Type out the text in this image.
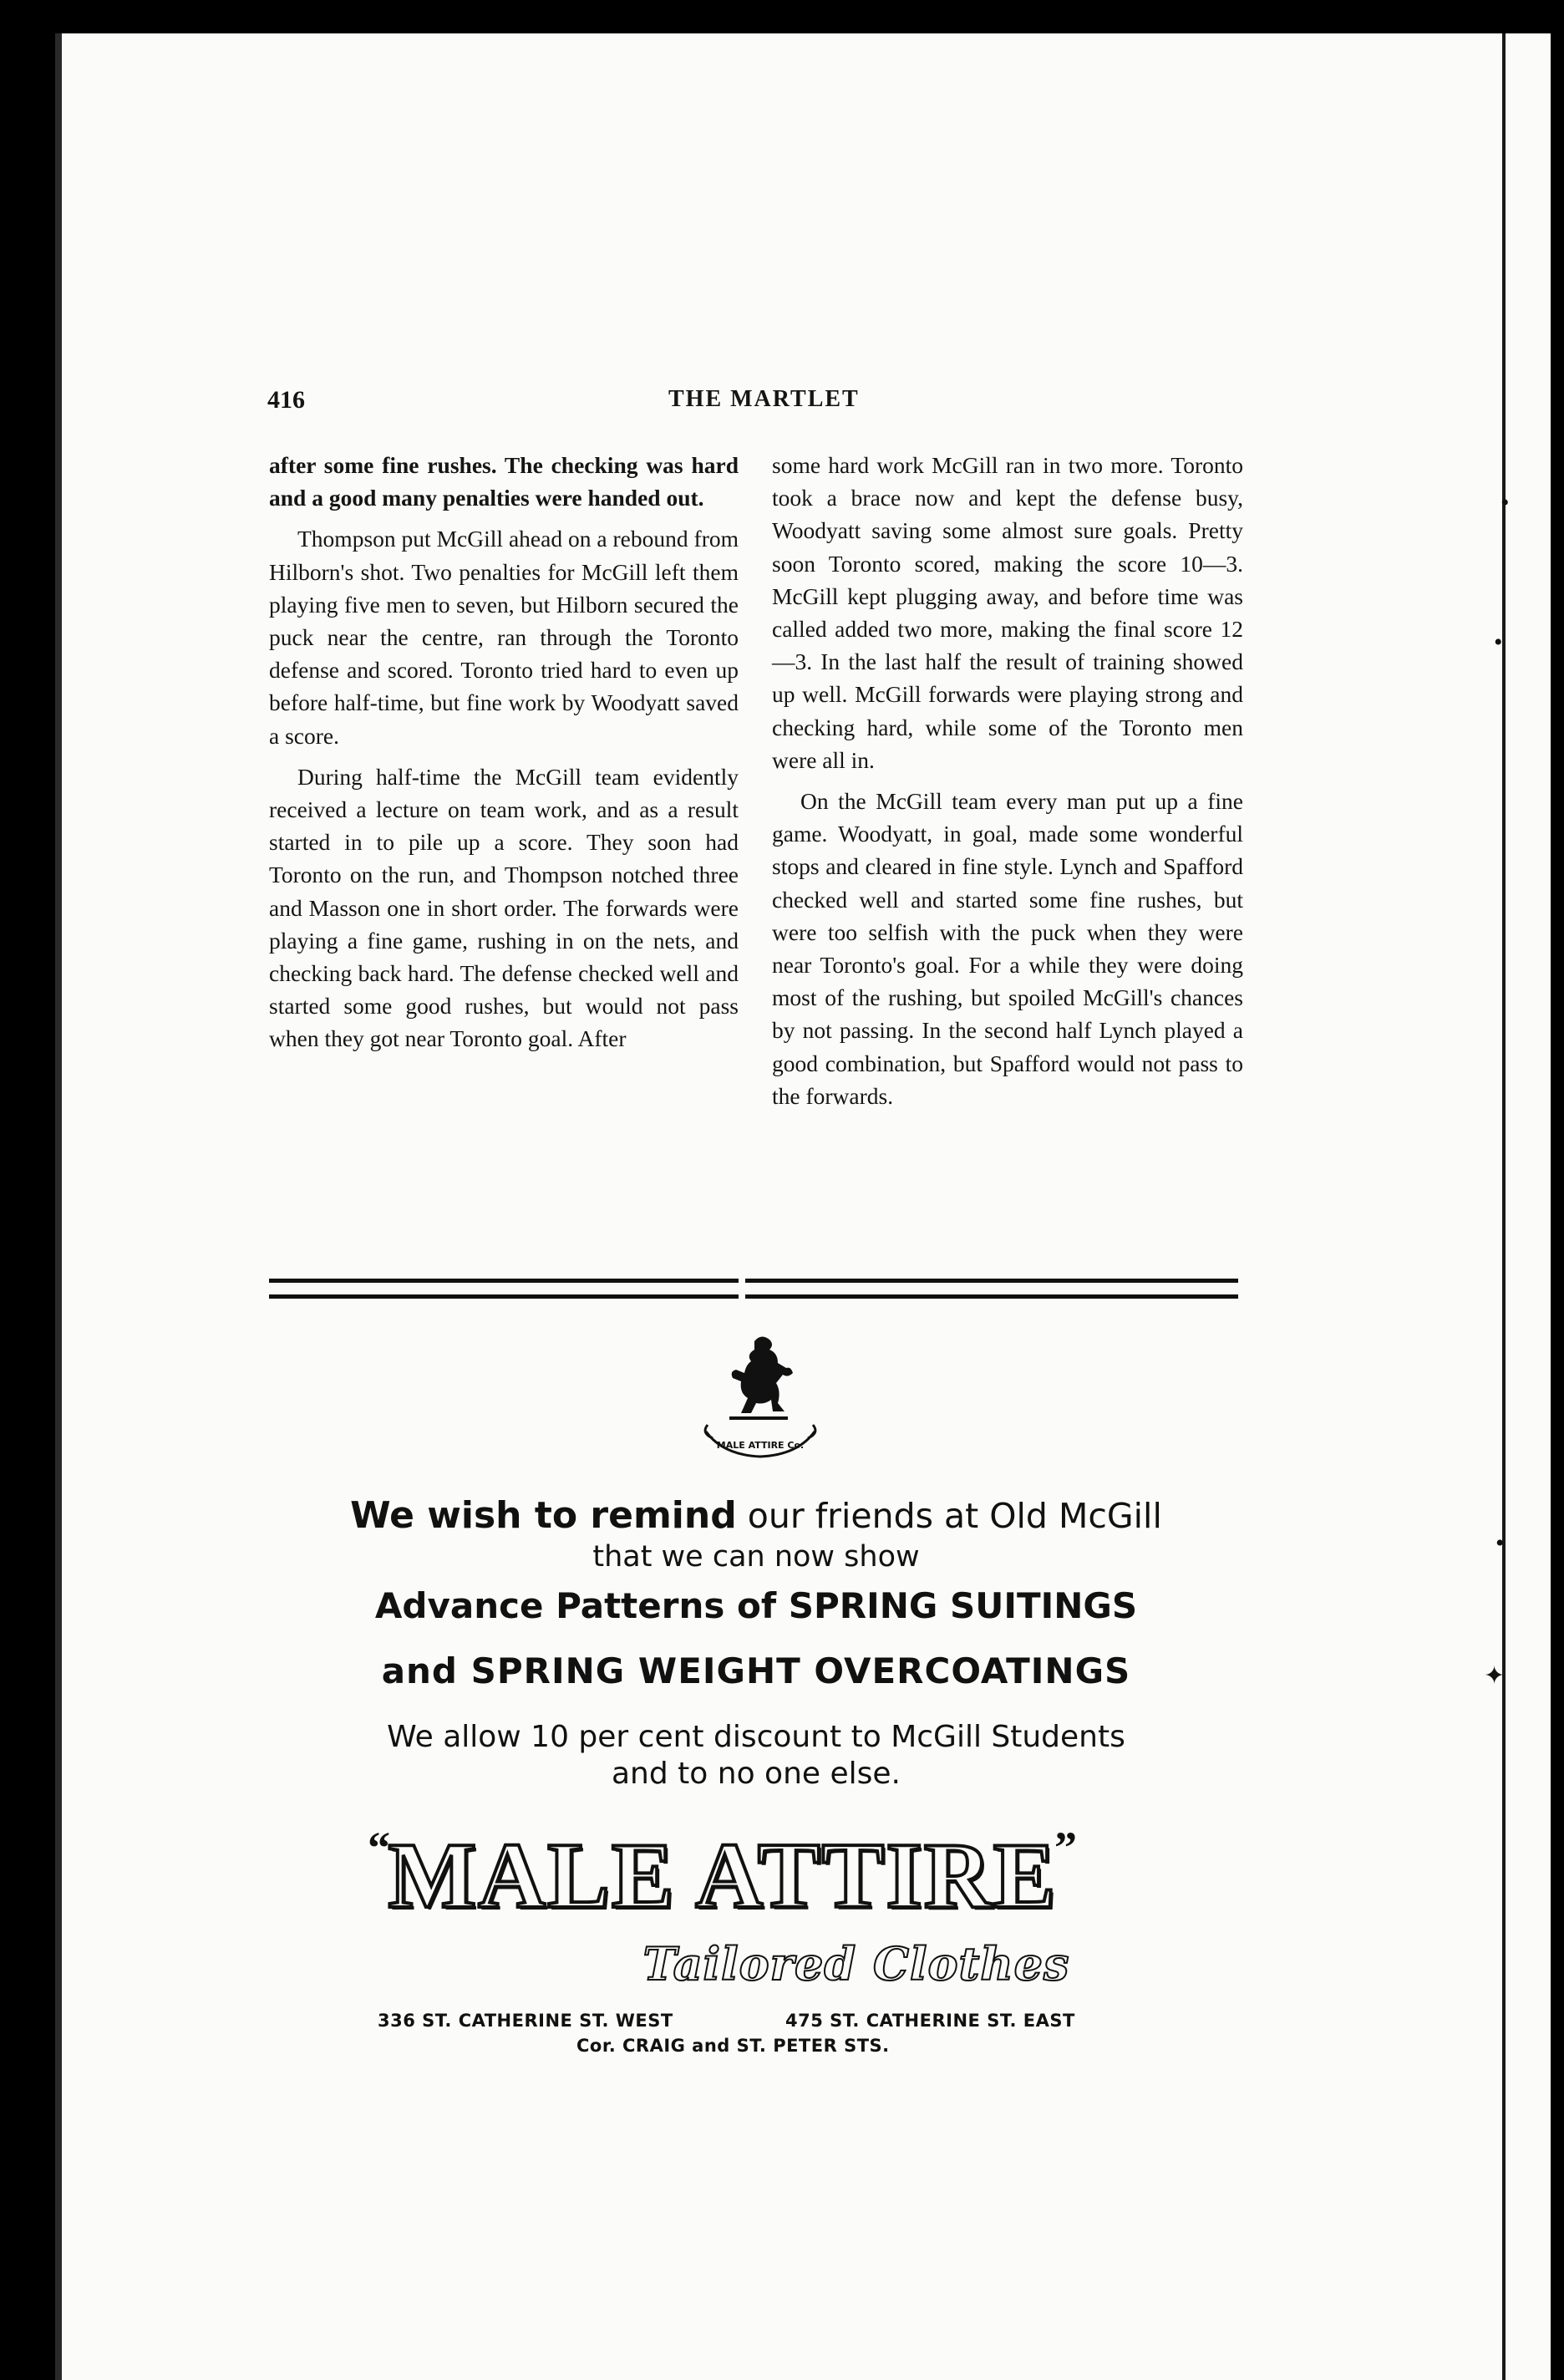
•
•
•
✦
416	THE MARTLET

after some fine rushes. The checking was hard and a good many penalties were handed out.

Thompson put McGill ahead on a rebound from Hilborn's shot. Two penalties for McGill left them playing five men to seven, but Hilborn secured the puck near the centre, ran through the Toronto defense and scored. Toronto tried hard to even up before half-time, but fine work by Woodyatt saved a score.

During half-time the McGill team evidently received a lecture on team work, and as a result started in to pile up a score. They soon had Toronto on the run, and Thompson notched three and Masson one in short order. The forwards were playing a fine game, rushing in on the nets, and checking back hard. The defense checked well and started some good rushes, but would not pass when they got near Toronto goal. After

some hard work McGill ran in two more. Toronto took a brace now and kept the defense busy, Woodyatt saving some almost sure goals. Pretty soon Toronto scored, making the score 10—3. McGill kept plugging away, and before time was called added two more, making the final score 12—3. In the last half the result of training showed up well. McGill forwards were playing strong and checking hard, while some of the Toronto men were all in.

On the McGill team every man put up a fine game. Woodyatt, in goal, made some wonderful stops and cleared in fine style. Lynch and Spafford checked well and started some fine rushes, but were too selfish with the puck when they were near Toronto's goal. For a while they were doing most of the rushing, but spoiled McGill's chances by not passing. In the second half Lynch played a good combination, but Spafford would not pass to the forwards.

MALE ATTIRE Co.
We wish to remind our friends at Old McGill
that we can now show
Advance Patterns of SPRING SUITINGS
and SPRING WEIGHT OVERCOATINGS
We allow 10 per cent discount to McGill Students
and to no one else.
“
MALE ATTIRE
”
Tailored Clothes
336 ST. CATHERINE ST. WEST	475 ST. CATHERINE ST. EAST
Cor. CRAIG and ST. PETER STS.
